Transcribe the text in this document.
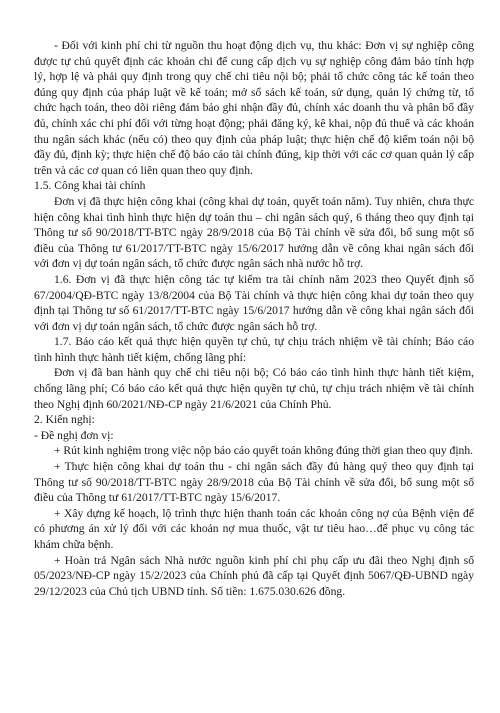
- Đối với kinh phí chi từ nguồn thu hoạt động dịch vụ, thu khác: Đơn vị sự nghiệp công được tự chủ quyết định các khoản chi để cung cấp dịch vụ sự nghiệp công đảm bảo tính hợp lý, hợp lệ và phải quy định trong quy chế chi tiêu nội bộ; phải tổ chức công tác kế toán theo đúng quy định của pháp luật về kế toán; mở sổ sách kế toán, sử dụng, quản lý chứng từ, tổ chức hạch toán, theo dõi riêng đảm bảo ghi nhận đầy đủ, chính xác doanh thu và phân bổ đầy đủ, chính xác chi phí đối với từng hoạt động; phải đăng ký, kê khai, nộp đủ thuế và các khoản thu ngân sách khác (nếu có) theo quy định của pháp luật; thực hiện chế độ kiểm toán nội bộ đầy đủ, định kỳ; thực hiện chế độ báo cáo tài chính đúng, kịp thời với các cơ quan quản lý cấp trên và các cơ quan có liên quan theo quy định.

1.5. Công khai tài chính

Đơn vị đã thực hiện công khai (công khai dự toán, quyết toán năm). Tuy nhiên, chưa thực hiện công khai tình hình thực hiện dự toán thu – chi ngân sách quý, 6 tháng theo quy định tại Thông tư số 90/2018/TT-BTC ngày 28/9/2018 của Bộ Tài chính về sửa đổi, bổ sung một số điều của Thông tư 61/2017/TT-BTC ngày 15/6/2017 hướng dẫn về công khai ngân sách đối với đơn vị dự toán ngân sách, tổ chức được ngân sách nhà nước hỗ trợ.

1.6. Đơn vị đã thực hiện công tác tự kiểm tra tài chính năm 2023 theo Quyết định số 67/2004/QĐ-BTC ngày 13/8/2004 của Bộ Tài chính và thực hiện công khai dự toán theo quy định tại Thông tư số 61/2017/TT-BTC ngày 15/6/2017 hướng dẫn về công khai ngân sách đối với đơn vị dự toán ngân sách, tổ chức được ngân sách hỗ trợ.

1.7. Báo cáo kết quả thực hiện quyền tự chủ, tự chịu trách nhiệm về tài chính; Báo cáo tình hình thực hành tiết kiệm, chống lãng phí:

Đơn vị đã ban hành quy chế chi tiêu nội bộ; Có báo cáo tình hình thực hành tiết kiệm, chống lãng phí; Có báo cáo kết quả thực hiện quyền tự chủ, tự chịu trách nhiệm về tài chính theo Nghị định 60/2021/NĐ-CP ngày 21/6/2021 của Chính Phủ.

2. Kiến nghị:

- Đề nghị đơn vị:

+ Rút kinh nghiệm trong việc nộp báo cáo quyết toán không đúng thời gian theo quy định.

+ Thực hiện công khai dự toán thu - chi ngân sách đầy đủ hàng quý theo quy định tại Thông tư số 90/2018/TT-BTC ngày 28/9/2018 của Bộ Tài chính về sửa đổi, bổ sung một số điều của Thông tư 61/2017/TT-BTC ngày 15/6/2017.

+ Xây dựng kế hoạch, lộ trình thực hiện thanh toán các khoản công nợ của Bệnh viện để có phương án xử lý đối với các khoản nợ mua thuốc, vật tư tiêu hao…để phục vụ công tác khám chữa bệnh.

+ Hoàn trả Ngân sách Nhà nước nguồn kinh phí chi phụ cấp ưu đãi theo Nghị định số 05/2023/NĐ-CP ngày 15/2/2023 của Chính phủ đã cấp tại Quyết định 5067/QĐ-UBND ngày 29/12/2023 của Chủ tịch UBND tỉnh. Số tiền: 1.675.030.626 đồng.
